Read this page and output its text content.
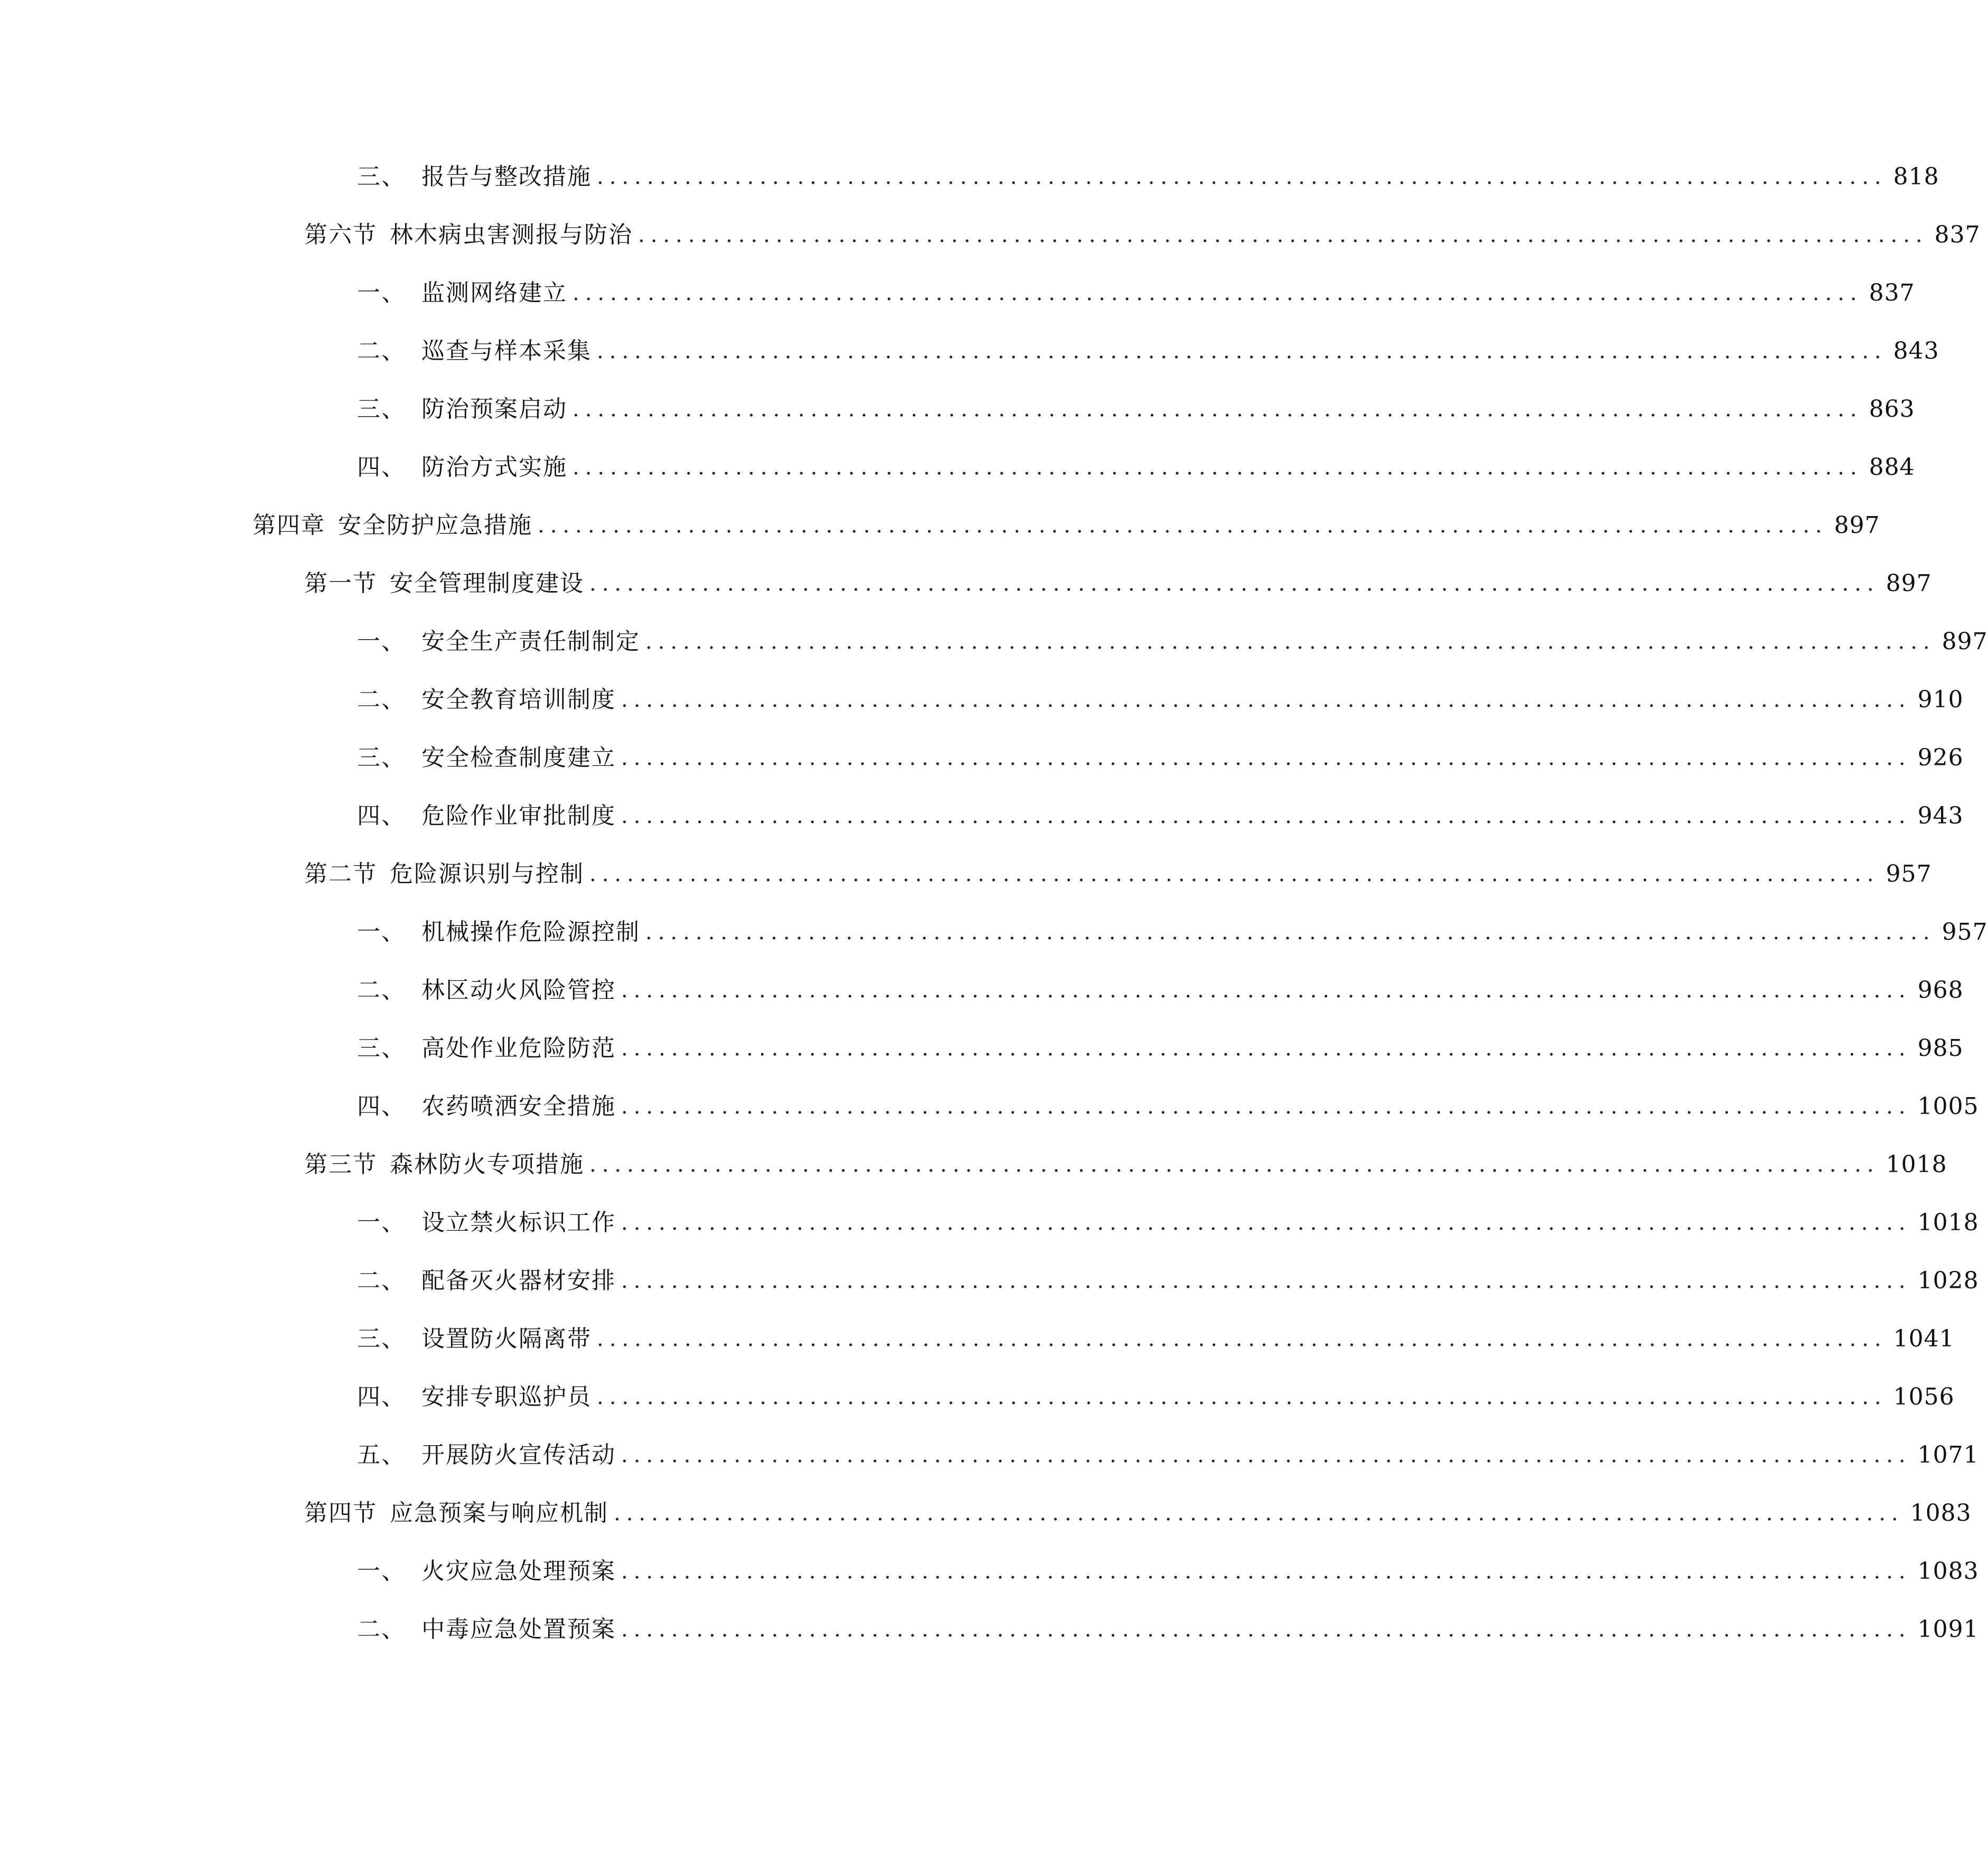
三、 报告与整改措施 ....................................................................................................... 818
第六节 林木病虫害测报与防治 ....................................................................................................... 837
一、 监测网络建立 ....................................................................................................... 837
二、 巡查与样本采集 ....................................................................................................... 843
三、 防治预案启动 ....................................................................................................... 863
四、 防治方式实施 ....................................................................................................... 884
第四章 安全防护应急措施 ....................................................................................................... 897
第一节 安全管理制度建设 ....................................................................................................... 897
一、 安全生产责任制制定 ....................................................................................................... 897
二、 安全教育培训制度 ....................................................................................................... 910
三、 安全检查制度建立 ....................................................................................................... 926
四、 危险作业审批制度 ....................................................................................................... 943
第二节 危险源识别与控制 ....................................................................................................... 957
一、 机械操作危险源控制 ....................................................................................................... 957
二、 林区动火风险管控 ....................................................................................................... 968
三、 高处作业危险防范 ....................................................................................................... 985
四、 农药喷洒安全措施 ....................................................................................................... 1005
第三节 森林防火专项措施 ....................................................................................................... 1018
一、 设立禁火标识工作 ....................................................................................................... 1018
二、 配备灭火器材安排 ....................................................................................................... 1028
三、 设置防火隔离带 ....................................................................................................... 1041
四、 安排专职巡护员 ....................................................................................................... 1056
五、 开展防火宣传活动 ....................................................................................................... 1071
第四节 应急预案与响应机制 ....................................................................................................... 1083
一、 火灾应急处理预案 ....................................................................................................... 1083
二、 中毒应急处置预案 ....................................................................................................... 1091
